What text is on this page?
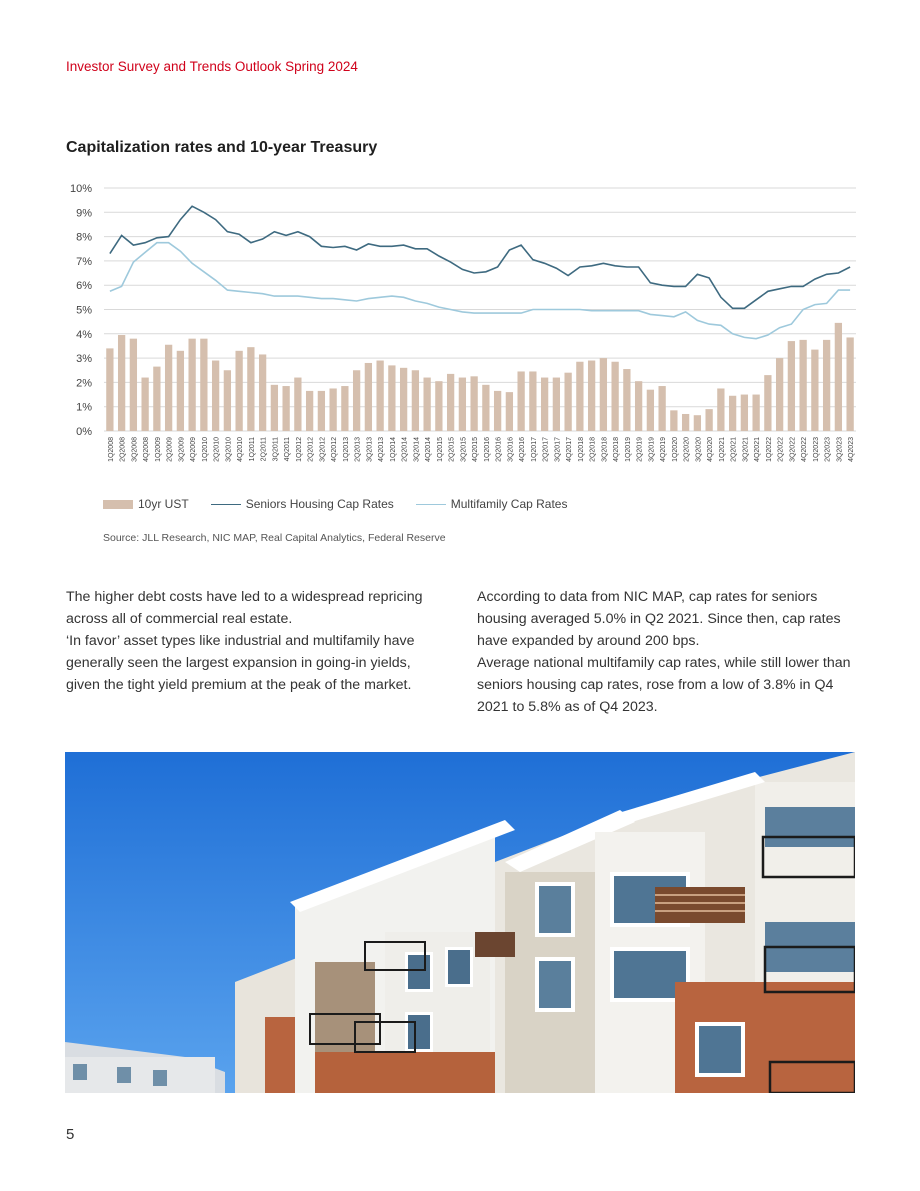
Investor Survey and Trends Outlook Spring 2024
Capitalization rates and 10-year Treasury
0%
1%
2%
3%
4%
5%
6%
7%
8%
9%
10%
1Q2008 2Q2008 3Q2008 4Q2008 1Q2009 2Q2009 3Q2009 4Q2009 1Q2010 2Q2010 3Q2010 4Q2010 1Q2011 2Q2011 3Q2011 4Q2011 1Q2012 2Q2012 3Q2012 4Q2012 1Q2013 2Q2013 3Q2013 4Q2013 1Q2014 2Q2014 3Q2014 4Q2014 1Q2015 2Q2015 3Q2015 4Q2015 1Q2016 2Q2016 3Q2016 4Q2016 1Q2017 2Q2017 3Q2017 4Q2017 1Q2018 2Q2018 3Q2018 4Q2018 1Q2019 2Q2019 3Q2019 4Q2019 1Q2020 2Q2020 3Q2020 4Q2020 1Q2021 2Q2021 3Q2021 4Q2021 1Q2022 2Q2022 3Q2022 4Q2022 1Q2023 2Q2023 3Q2023 4Q2023
10yr UST	Seniors Housing Cap Rates	Multifamily Cap Rates
Source: JLL Research, NIC MAP, Real Capital Analytics, Federal Reserve

The higher debt costs have led to a widespread repricing across all of commercial real estate.

‘In favor’ asset types like industrial and multifamily have generally seen the largest expansion in going-in yields, given the tight yield premium at the peak of the market.

According to data from NIC MAP, cap rates for seniors housing averaged 5.0% in Q2 2021. Since then, cap rates have expanded by around 200 bps.

Average national multifamily cap rates, while still lower than seniors housing cap rates, rose from a low of 3.8% in Q4 2021 to 5.8% as of Q4 2023.

5
